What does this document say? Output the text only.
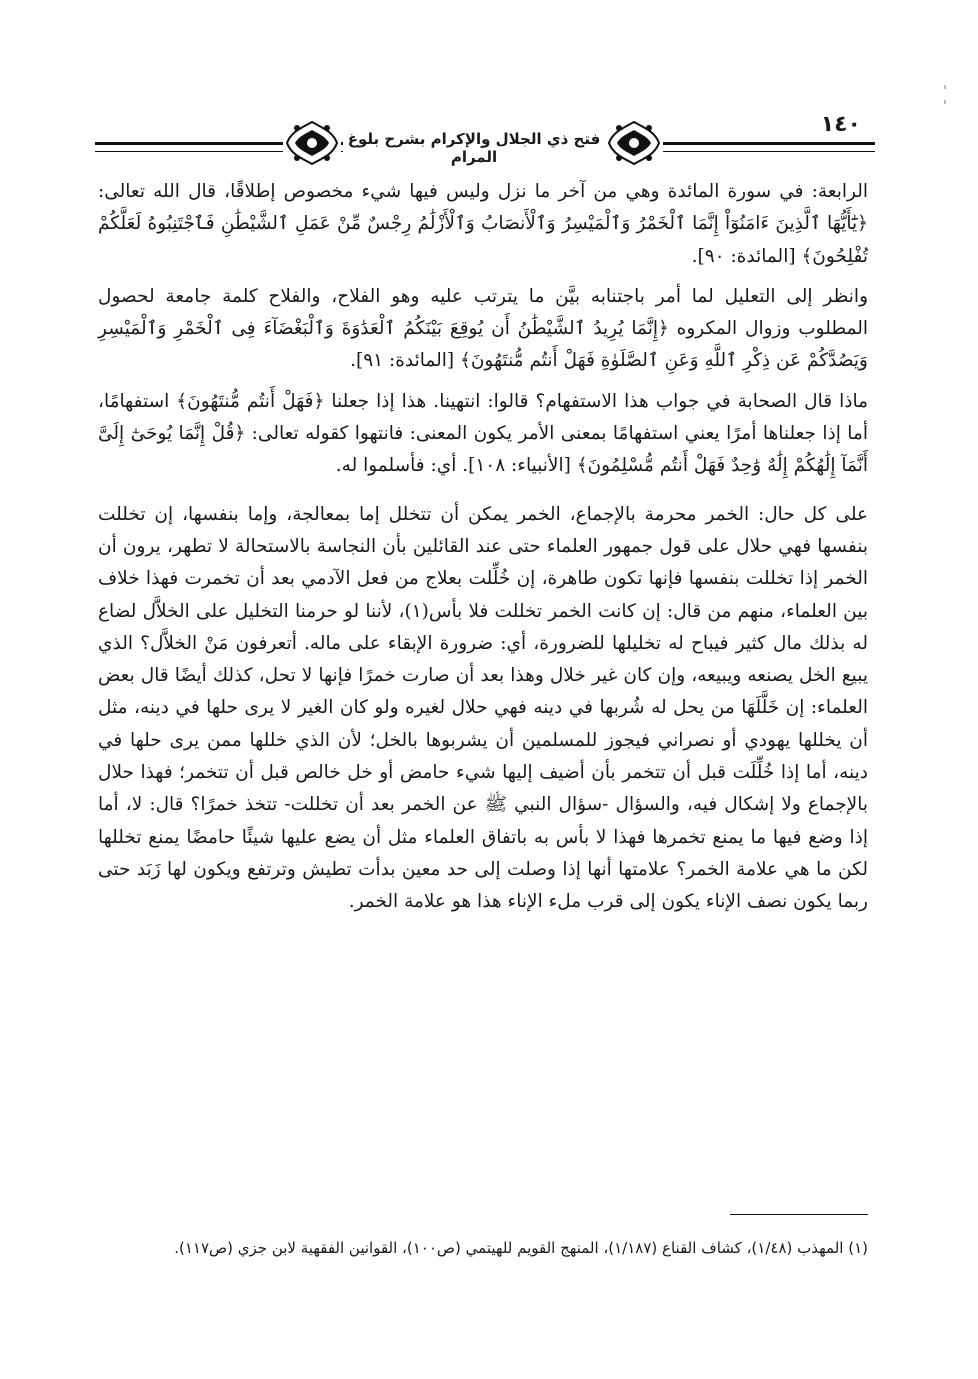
فتح ذي الجلال والإكرام بشرح بلوغ المرام
١٤٠

الرابعة: في سورة المائدة وهي من آخر ما نزل وليس فيها شيء مخصوص إطلاقًا، قال الله تعالى: ﴿يَٰٓأَيُّهَا ٱلَّذِينَ ءَامَنُوٓاْ إِنَّمَا ٱلْخَمْرُ وَٱلْمَيْسِرُ وَٱلْأَنصَابُ وَٱلْأَزْلَٰمُ رِجْسٌ مِّنْ عَمَلِ ٱلشَّيْطَٰنِ فَٱجْتَنِبُوهُ لَعَلَّكُمْ تُفْلِحُونَ﴾ [المائدة: ٩٠].

وانظر إلى التعليل لما أمر باجتنابه بيَّن ما يترتب عليه وهو الفلاح، والفلاح كلمة جامعة لحصول المطلوب وزوال المكروه ﴿إِنَّمَا يُرِيدُ ٱلشَّيْطَٰنُ أَن يُوقِعَ بَيْنَكُمُ ٱلْعَدَٰوَةَ وَٱلْبَغْضَآءَ فِى ٱلْخَمْرِ وَٱلْمَيْسِرِ وَيَصُدَّكُمْ عَن ذِكْرِ ٱللَّهِ وَعَنِ ٱلصَّلَوٰةِ فَهَلْ أَنتُم مُّنتَهُونَ﴾ [المائدة: ٩١].

ماذا قال الصحابة في جواب هذا الاستفهام؟ قالوا: انتهينا. هذا إذا جعلنا ﴿فَهَلْ أَنتُم مُّنتَهُونَ﴾ استفهامًا، أما إذا جعلناها أمرًا يعني استفهامًا بمعنى الأمر يكون المعنى: فانتهوا كقوله تعالى: ﴿قُلْ إِنَّمَا يُوحَىٰٓ إِلَىَّ أَنَّمَآ إِلَٰهُكُمْ إِلَٰهٌ وَٰحِدٌ فَهَلْ أَنتُم مُّسْلِمُونَ﴾ [الأنبياء: ١٠٨]. أي: فأسلموا له.

على كل حال: الخمر محرمة بالإجماع، الخمر يمكن أن تتخلل إما بمعالجة، وإما بنفسها، إن تخللت بنفسها فهي حلال على قول جمهور العلماء حتى عند القائلين بأن النجاسة بالاستحالة لا تطهر، يرون أن الخمر إذا تخللت بنفسها فإنها تكون طاهرة، إن خُلِّلت بعلاج من فعل الآدمي بعد أن تخمرت فهذا خلاف بين العلماء، منهم من قال: إن كانت الخمر تخللت فلا بأس(١)، لأننا لو حرمنا التخليل على الخلاَّل لضاع له بذلك مال كثير فيباح له تخليلها للضرورة، أي: ضرورة الإبقاء على ماله. أتعرفون مَنْ الخلاَّل؟ الذي يبيع الخل يصنعه ويبيعه، وإن كان غير خلال وهذا بعد أن صارت خمرًا فإنها لا تحل، كذلك أيضًا قال بعض العلماء: إن خَلَّلَهَا من يحل له شُربها في دينه فهي حلال لغيره ولو كان الغير لا يرى حلها في دينه، مثل أن يخللها يهودي أو نصراني فيجوز للمسلمين أن يشربوها بالخل؛ لأن الذي خللها ممن يرى حلها في دينه، أما إذا خُلِّلَت قبل أن تتخمر بأن أضيف إليها شيء حامض أو خل خالص قبل أن تتخمر؛ فهذا حلال بالإجماع ولا إشكال فيه، والسؤال -سؤال النبي ﷺ عن الخمر بعد أن تخللت- تتخذ خمرًا؟ قال: لا، أما إذا وضع فيها ما يمنع تخمرها فهذا لا بأس به باتفاق العلماء مثل أن يضع عليها شيئًا حامضًا يمنع تخللها لكن ما هي علامة الخمر؟ علامتها أنها إذا وصلت إلى حد معين بدأت تطيش وترتفع ويكون لها زَبَد حتى ربما يكون نصف الإناء يكون إلى قرب ملء الإناء هذا هو علامة الخمر.

(١) المهذب (١/٤٨)، كشاف القناع (١/١٨٧)، المنهج القويم للهيتمي (ص١٠٠)، القوانين الفقهية لابن جزي (ص١١٧).
